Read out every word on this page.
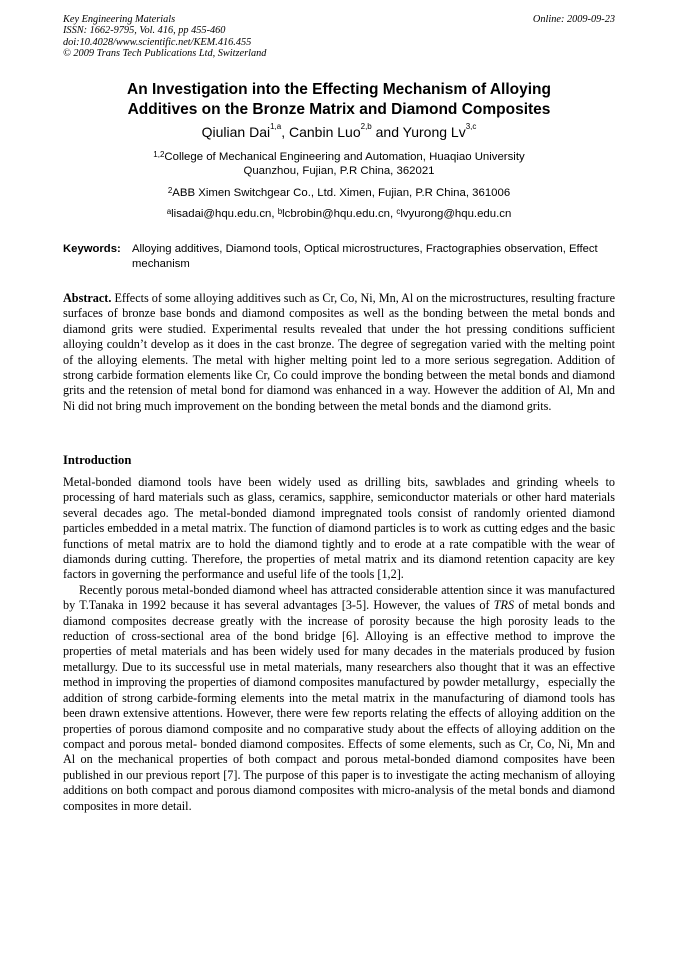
Key Engineering Materials
ISSN: 1662-9795, Vol. 416, pp 455-460
doi:10.4028/www.scientific.net/KEM.416.455
© 2009 Trans Tech Publications Ltd, Switzerland
Online: 2009-09-23
An Investigation into the Effecting Mechanism of Alloying
Additives on the Bronze Matrix and Diamond Composites
Qiulian Dai$^{1,a}$, Canbin Luo$^{2,b}$ and Yurong Lv$^{3,c}$
$^{1,2}$College of Mechanical Engineering and Automation, Huaqiao University
Quanzhou, Fujian, P.R China, 362021
$^2$ABB Ximen Switchgear Co., Ltd. Ximen, Fujian, P.R China, 361006
$^a$lisadai@hqu.edu.cn, $^b$lcbrobin@hqu.edu.cn, $^c$lvyurong@hqu.edu.cn
Keywords: Alloying additives, Diamond tools, Optical microstructures, Fractographies observation, Effect mechanism
Abstract. Effects of some alloying additives such as Cr, Co, Ni, Mn, Al on the microstructures, resulting fracture surfaces of bronze base bonds and diamond composites as well as the bonding between the metal bonds and diamond grits were studied. Experimental results revealed that under the hot pressing conditions sufficient alloying couldn’t develop as it does in the cast bronze. The degree of segregation varied with the melting point of the alloying elements. The metal with higher melting point led to a more serious segregation. Addition of strong carbide formation elements like Cr, Co could improve the bonding between the metal bonds and diamond grits and the retension of metal bond for diamond was enhanced in a way. However the addition of Al, Mn and Ni did not bring much improvement on the bonding between the metal bonds and the diamond grits.
Introduction

Metal-bonded diamond tools have been widely used as drilling bits, sawblades and grinding wheels to processing of hard materials such as glass, ceramics, sapphire, semiconductor materials or other hard materials several decades ago. The metal-bonded diamond impregnated tools consist of randomly oriented diamond particles embedded in a metal matrix. The function of diamond particles is to work as cutting edges and the basic functions of metal matrix are to hold the diamond tightly and to erode at a rate compatible with the wear of diamonds during cutting. Therefore, the properties of metal matrix and its diamond retention capacity are key factors in governing the performance and useful life of the tools [1,2].

Recently porous metal-bonded diamond wheel has attracted considerable attention since it was manufactured by T.Tanaka in 1992 because it has several advantages [3-5]. However, the values of TRS of metal bonds and diamond composites decrease greatly with the increase of porosity because the high porosity leads to the reduction of cross-sectional area of the bond bridge [6]. Alloying is an effective method to improve the properties of metal materials and has been widely used for many decades in the materials produced by fusion metallurgy. Due to its successful use in metal materials, many researchers also thought that it was an effective method in improving the properties of diamond composites manufactured by powder metallurgy，especially the addition of strong carbide-forming elements into the metal matrix in the manufacturing of diamond tools has been drawn extensive attentions. However, there were few reports relating the effects of alloying addition on the properties of porous diamond composite and no comparative study about the effects of alloying addition on the compact and porous metal- bonded diamond composites. Effects of some elements, such as Cr, Co, Ni, Mn and Al on the mechanical properties of both compact and porous metal-bonded diamond composites have been published in our previous report [7]. The purpose of this paper is to investigate the acting mechanism of alloying additions on both compact and porous diamond composites with micro-analysis of the metal bonds and diamond composites in more detail.
